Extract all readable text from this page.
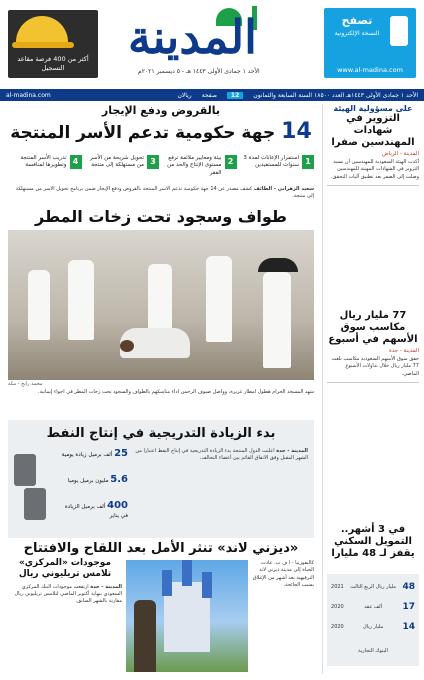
أكثر من 400 فرصة مقاعد التسجيل
المدينة
الأحد ١ جمادى الأولى ١٤٤٣ هـ - ٥ ديسمبر ٢٠٢١م
تصفح
النسخة الإلكترونية
www.al-madina.com
الأحد ١ جمادى الأولى ١٤٤٣هـ العدد ١٨٥٠٠ السنة السابعة والثمانون
12
صفحة
ريالان
al-madina.com
بالقروض ودفع الإيجار
14 جهة حكومية تدعم الأسر المنتجة
1
استمرار الإعانات لمدة 3 سنوات للمستفيدين
2
بيئة ومعايير ملائمة ترفع مستوى الإنتاج والحد من الفقر
3
تحويل شريحة من الأسر من مستهلكة إلى منتجة
4
تدريب الأسر المنتجة وتطويرها لمنافسة
سعيد الزهراني - الطائف كشف مصدر عن 14 جهة حكومية تدعم الأسر المنتجة بالقروض ودفع الإيجار ضمن برنامج تحويل الأسر من مستهلكة إلى منتجة.
طواف وسجود تحت زخات المطر
محمد رابح - مكة
شهد المسجد الحرام هطول أمطار غزيرة، وواصل ضيوف الرحمن أداء مناسكهم بالطواف والسجود تحت زخات المطر في أجواء إيمانية.
بدء الزيادة التدريجية في إنتاج النفط
25 ألف برميل زيادة يومية
5.6 مليون برميل يوميا
400 ألف برميل الزيادة في يناير
المدينة - جدة أعلنت الدول المنتجة بدء الزيادة التدريجية في إنتاج النفط اعتبارا من الشهر المقبل وفق الاتفاق القائم بين أعضاء التحالف.
«ديزني لاند» تنثر الأمل بعد اللقاح والافتتاح
موجودات «المركزي» تلامس تريليوني ريال
المدينة - جدة ارتفعت موجودات البنك المركزي السعودي بنهاية أكتوبر الماضي لتلامس تريليوني ريال مقارنة بالشهر السابق.
كاليفورنيا - أ ف ب. عادت الحياة إلى مدينة ديزني لاند الترفيهية بعد أشهر من الإغلاق بسبب الجائحة.
على مسؤولية الهيئة
التزوير في شهادات المهندسين صفرا
المدينة - الرياض
أكدت الهيئة السعودية للمهندسين أن نسبة التزوير في الشهادات المهنية للمهندسين وصلت إلى الصفر بعد تطبيق آليات التحقق.
77 مليار ريال مكاسب سوق الأسهم في أسبوع
المدينة - جدة
حقق سوق الأسهم السعودية مكاسب بلغت 77 مليار ريال خلال تداولات الأسبوع الماضي.
في 3 أشهر.. التمويل السكني يقفز لـ 48 مليارا
48
مليار ريال الربع الثالث
2021
17
ألف عقد
2020
14
مليار ريال
2020
البنوك التجارية
